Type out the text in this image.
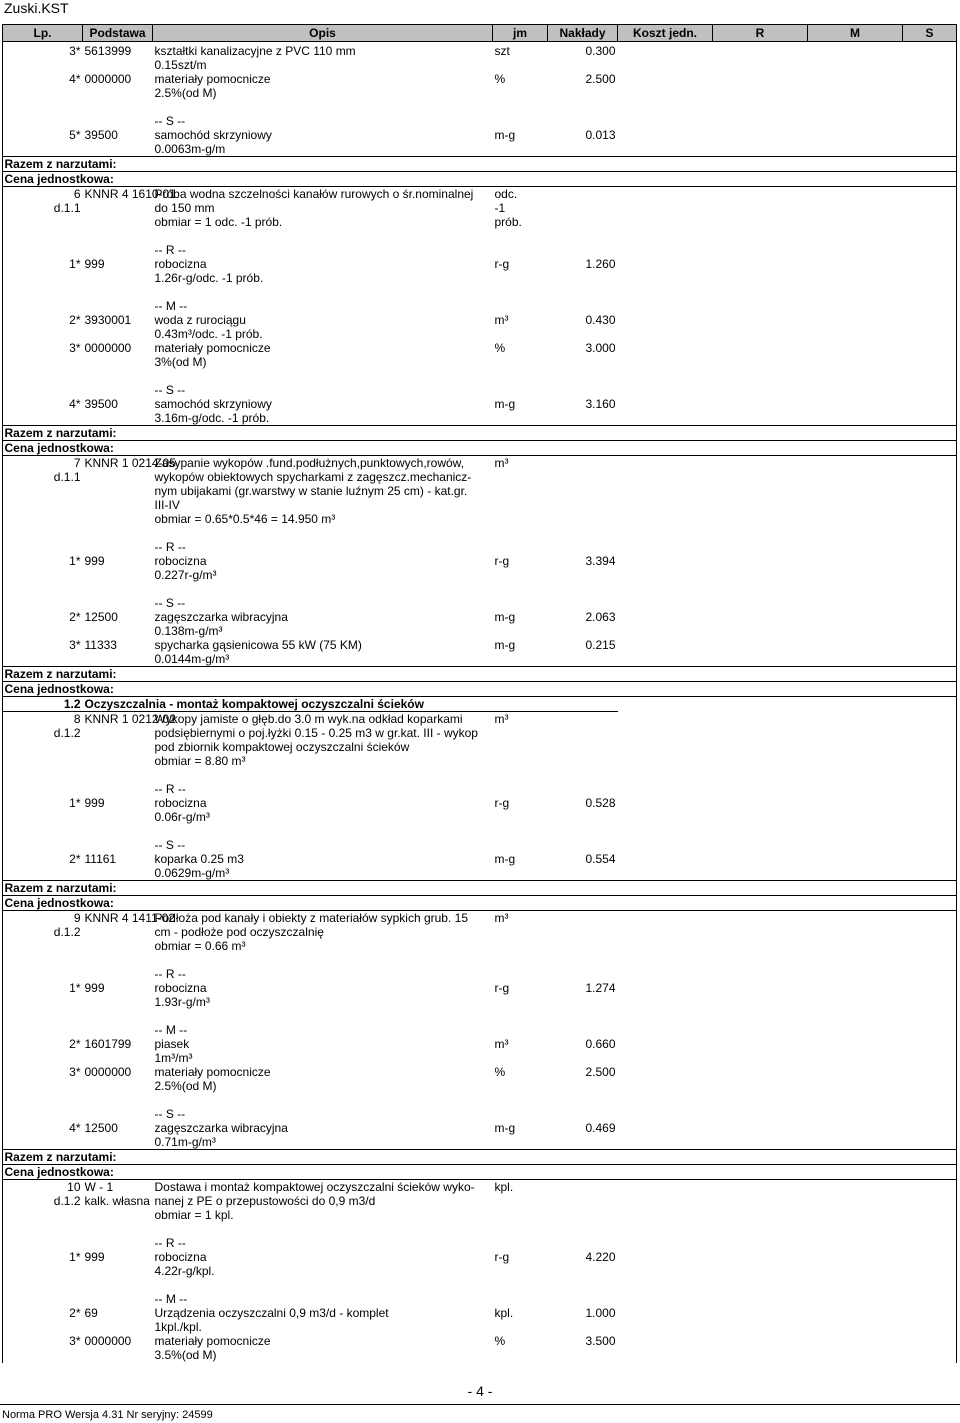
Zuski.KST
Lp.	Podstawa	Opis	jm	Nakłady	Koszt jedn.	R	M	S
3*	5613999	kształtki kanalizacyjne z PVC 110 mm	szt	0.300				
		0.15szt/m						
4*	0000000	materiały pomocnicze	%	2.500				
		2.5%(od M)						

		-- S --						
5*	39500	samochód skrzyniowy	m-g	0.013				
		0.0063m-g/m						
Razem z narzutami:								
Cena jednostkowa:								
6	KNNR 4 1610-01	Próba wodna szczelności kanałów rurowych o śr.nominalnej	odc.					
d.1.1		do 150 mm	-1					
		obmiar = 1 odc. -1 prób.	prób.					

		-- R --						
1*	999	robocizna	r-g	1.260				
		1.26r-g/odc. -1 prób.						

		-- M --						
2*	3930001	woda z rurociągu	m³	0.430				
		0.43m³/odc. -1 prób.						
3*	0000000	materiały pomocnicze	%	3.000				
		3%(od M)						

		-- S --						
4*	39500	samochód skrzyniowy	m-g	3.160				
		3.16m-g/odc. -1 prób.						
Razem z narzutami:								
Cena jednostkowa:								
7	KNNR 1 0214-05	Zasypanie wykopów .fund.podłużnych,punktowych,rowów,	m³					
d.1.1		wykopów obiektowych spycharkami z zagęszcz.mechanicz-						
		nym ubijakami (gr.warstwy w stanie luźnym 25 cm) - kat.gr.						
		III-IV						
		obmiar = 0.65*0.5*46 = 14.950 m³						

		-- R --						
1*	999	robocizna	r-g	3.394				
		0.227r-g/m³						

		-- S --						
2*	12500	zagęszczarka wibracyjna	m-g	2.063				
		0.138m-g/m³						
3*	11333	spycharka gąsienicowa 55 kW (75 KM)	m-g	0.215				
		0.0144m-g/m³						
Razem z narzutami:								
Cena jednostkowa:								
1.2	Oczyszczalnia - montaż kompaktowej oczyszczalni ścieków							
8	KNNR 1 0212-02	Wykopy jamiste o głęb.do 3.0 m wyk.na odkład koparkami	m³					
d.1.2		podsiębiernymi o poj.łyżki 0.15 - 0.25 m3 w gr.kat. III - wykop						
		pod zbiornik kompaktowej oczyszczalni ścieków						
		obmiar = 8.80 m³						

		-- R --						
1*	999	robocizna	r-g	0.528				
		0.06r-g/m³						

		-- S --						
2*	11161	koparka 0.25 m3	m-g	0.554				
		0.0629m-g/m³						
Razem z narzutami:								
Cena jednostkowa:								
9	KNNR 4 1411-02	Podłoża pod kanały i obiekty z materiałów sypkich grub. 15	m³					
d.1.2		cm - podłoże pod oczyszczalnię						
		obmiar = 0.66 m³						

		-- R --						
1*	999	robocizna	r-g	1.274				
		1.93r-g/m³						

		-- M --						
2*	1601799	piasek	m³	0.660				
		1m³/m³						
3*	0000000	materiały pomocnicze	%	2.500				
		2.5%(od M)						

		-- S --						
4*	12500	zagęszczarka wibracyjna	m-g	0.469				
		0.71m-g/m³						
Razem z narzutami:								
Cena jednostkowa:								
10	W - 1	Dostawa i montaż kompaktowej oczyszczalni ścieków wyko-	kpl.					
d.1.2	kalk. własna	nanej z PE o przepustowości do 0,9 m3/d						
		obmiar = 1 kpl.						

		-- R --						
1*	999	robocizna	r-g	4.220				
		4.22r-g/kpl.						

		-- M --						
2*	69	Urządzenia oczyszczalni 0,9 m3/d - komplet	kpl.	1.000				
		1kpl./kpl.						
3*	0000000	materiały pomocnicze	%	3.500				
		3.5%(od M)						
- 4 -
Norma PRO Wersja 4.31 Nr seryjny: 24599
